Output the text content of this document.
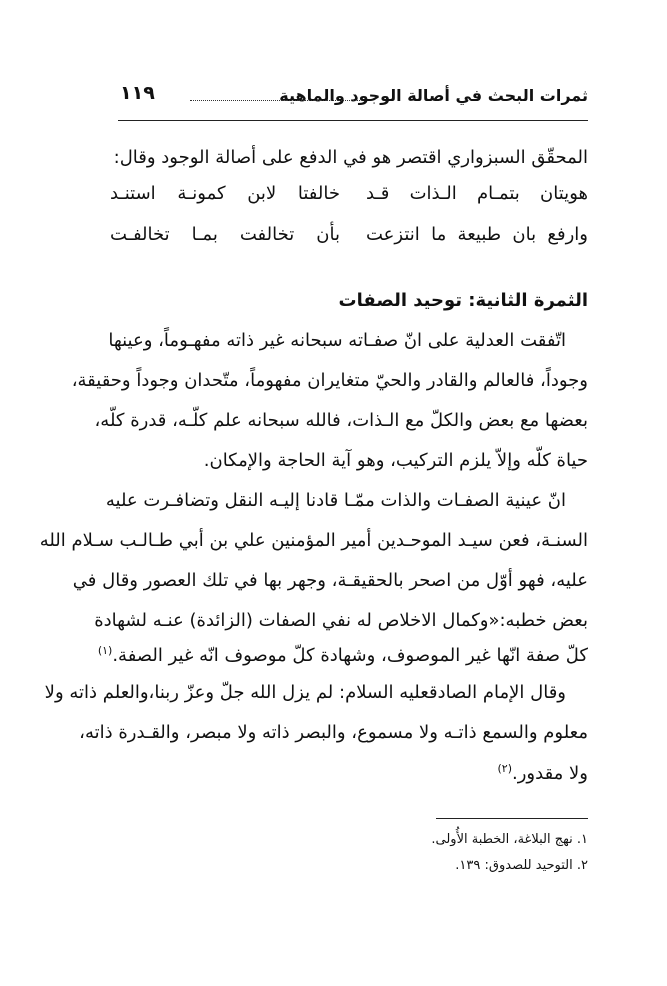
ثمرات البحث في أصالة الوجود والماهية
١١٩
المحقّق السبزواري اقتصر هو في الدفع على أصالة الوجود وقال:
هويتان بتمـام الـذات قـد
خالفتا لابن كمونـة استنـد
وارفع بان طبيعة ما انتزعت
بأن تخالفت بمـا تخالفـت
الثمرة الثانية: توحيد الصفات
اتّفقت العدلية على انّ صفـاته سبحانه غير ذاته مفهـوماً، وعينها
وجوداً، فالعالم والقادر والحيّ متغايران مفهوماً، متّحدان وجوداً وحقيقة،
بعضها مع بعض والكلّ مع الـذات، فالله سبحانه علم كلّـه، قدرة كلّه،
حياة كلّه وإلاّ يلزم التركيب، وهو آية الحاجة والإمكان.
انّ عينية الصفـات والذات ممّـا قادنا إليـه النقل وتضافـرت عليه
السنـة، فعن سيـد الموحـدين أمير المؤمنين علي بن أبي طـالـب سـلام الله
عليه، فهو أوّل من اصحر بالحقيقـة، وجهر بها في تلك العصور وقال في
بعض خطبه:«وكمال الاخلاص له نفي الصفات (الزائدة) عنـه لشهادة
كلّ صفة انّها غير الموصوف، وشهادة كلّ موصوف انّه غير الصفة.$^{(١)}$
وقال الإمام الصادقعليه السلام: لم يزل الله جلّ وعزّ ربنا،والعلم ذاته ولا
معلوم والسمع ذاتـه ولا مسموع، والبصر ذاته ولا مبصر، والقـدرة ذاته،
ولا مقدور.$^{(٢)}$
١. نهج البلاغة، الخطبة الأُولى.
٢. التوحيد للصدوق: ١٣٩.
